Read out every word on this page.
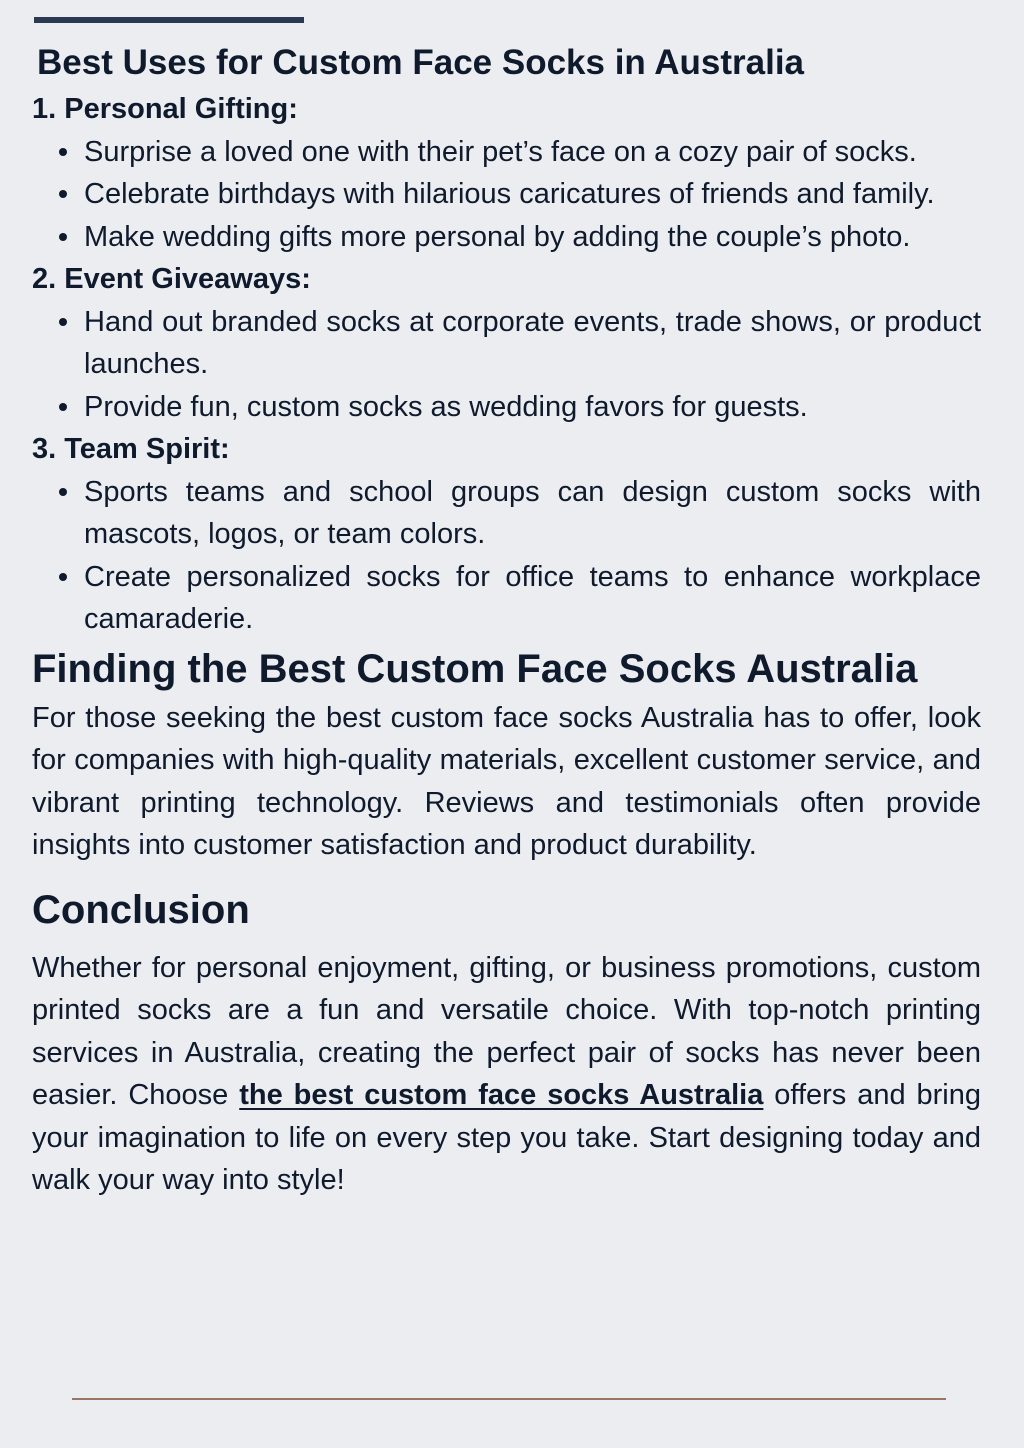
Best Uses for Custom Face Socks in Australia
1. Personal Gifting:
Surprise a loved one with their pet’s face on a cozy pair of socks.
Celebrate birthdays with hilarious caricatures of friends and family.
Make wedding gifts more personal by adding the couple’s photo.
2. Event Giveaways:
Hand out branded socks at corporate events, trade shows, or product launches.
Provide fun, custom socks as wedding favors for guests.
3. Team Spirit:
Sports teams and school groups can design custom socks with mascots, logos, or team colors.
Create personalized socks for office teams to enhance workplace camaraderie.
Finding the Best Custom Face Socks Australia

For those seeking the best custom face socks Australia has to offer, look for companies with high-quality materials, excellent customer service, and vibrant printing technology. Reviews and testimonials often provide insights into customer satisfaction and product durability.

Conclusion

Whether for personal enjoyment, gifting, or business promotions, custom printed socks are a fun and versatile choice. With top-notch printing services in Australia, creating the perfect pair of socks has never been easier. Choose the best custom face socks Australia offers and bring your imagination to life on every step you take. Start designing today and walk your way into style!
